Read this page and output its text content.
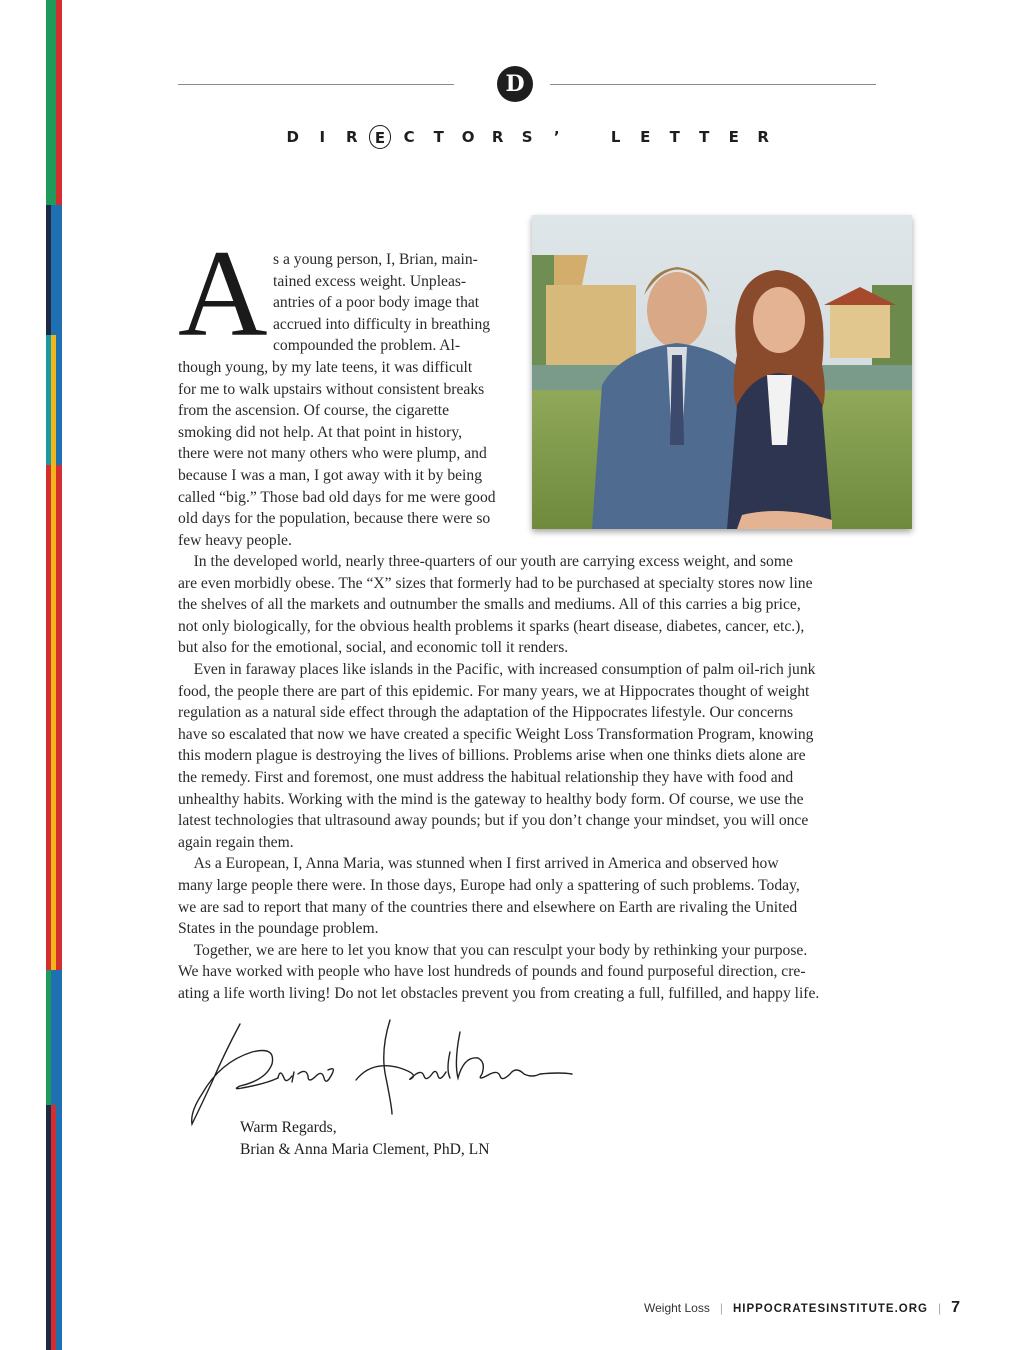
D
D	I	R	E	C	T	O	R	S	’
	L	E	T	T	E	R
A s a young person, I, Brian, main-
tained excess weight. Unpleas-
antries of a poor body image that
accrued into difficulty in breathing
compounded the problem. Al-
though young, by my late teens, it was difficult
for me to walk upstairs without consistent breaks
from the ascension. Of course, the cigarette
smoking did not help. At that point in history,
there were not many others who were plump, and
because I was a man, I got away with it by being
called “big.” Those bad old days for me were good
old days for the population, because there were so
few heavy people.
 In the developed world, nearly three-quarters of our youth are carrying excess weight, and some
are even morbidly obese. The “X” sizes that formerly had to be purchased at specialty stores now line
the shelves of all the markets and outnumber the smalls and mediums. All of this carries a big price,
not only biologically, for the obvious health problems it sparks (heart disease, diabetes, cancer, etc.),
but also for the emotional, social, and economic toll it renders.
 Even in faraway places like islands in the Pacific, with increased consumption of palm oil-rich junk
food, the people there are part of this epidemic. For many years, we at Hippocrates thought of weight
regulation as a natural side effect through the adaptation of the Hippocrates lifestyle. Our concerns
have so escalated that now we have created a specific Weight Loss Transformation Program, knowing
this modern plague is destroying the lives of billions. Problems arise when one thinks diets alone are
the remedy. First and foremost, one must address the habitual relationship they have with food and
unhealthy habits. Working with the mind is the gateway to healthy body form. Of course, we use the
latest technologies that ultrasound away pounds; but if you don’t change your mindset, you will once
again regain them.
 As a European, I, Anna Maria, was stunned when I first arrived in America and observed how
many large people there were. In those days, Europe had only a spattering of such problems. Today,
we are sad to report that many of the countries there and elsewhere on Earth are rivaling the United
States in the poundage problem.
 Together, we are here to let you know that you can resculpt your body by rethinking your purpose.
We have worked with people who have lost hundreds of pounds and found purposeful direction, cre-
ating a life worth living! Do not let obstacles prevent you from creating a full, fulfilled, and happy life.
Warm Regards,
Brian & Anna Maria Clement, PhD, LN
Weight Loss | HIPPOCRATESINSTITUTE.ORG | 7
